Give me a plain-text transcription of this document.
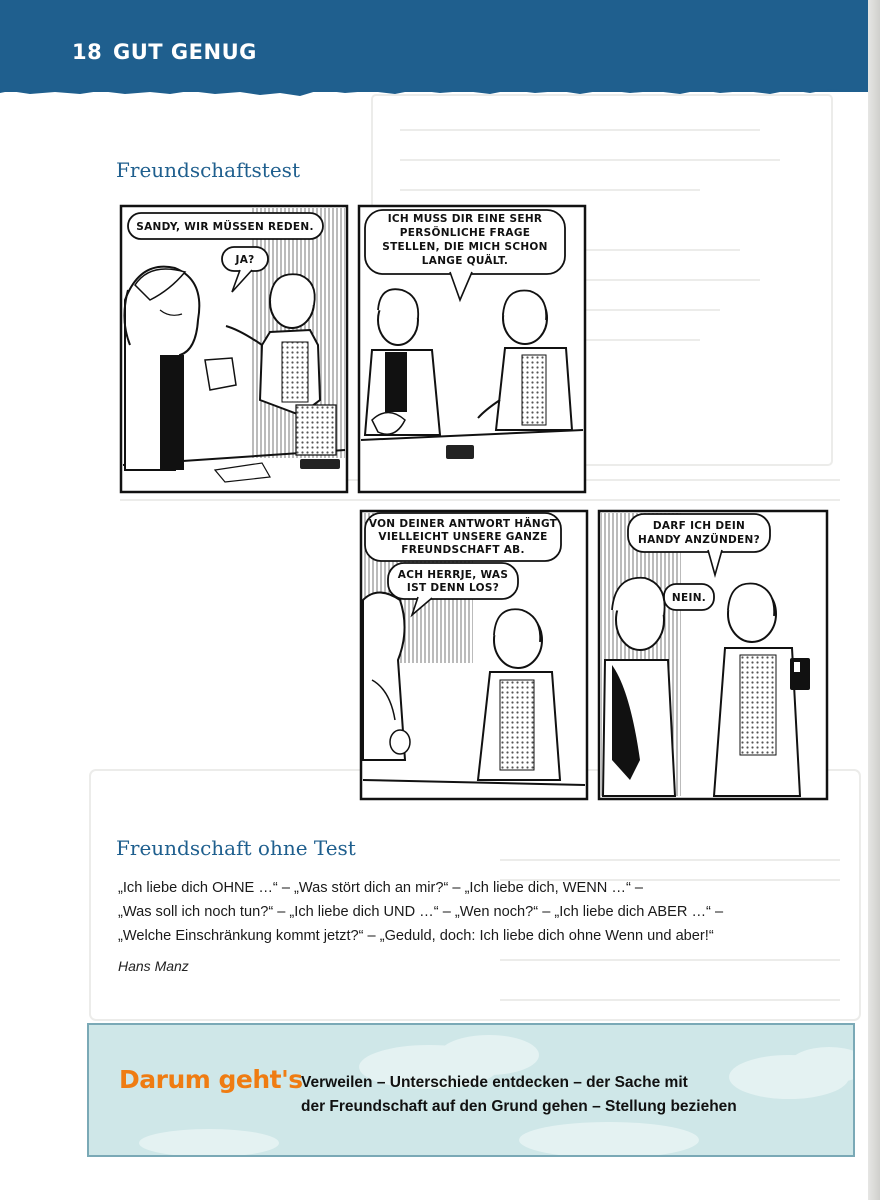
18 GUT GENUG
Freundschaftstest
SANDY, WIR MÜSSEN REDEN.
JA?
ICH MUSS DIR EINE SEHR
PERSÖNLICHE FRAGE
STELLEN, DIE MICH SCHON
LANGE QUÄLT.
VON DEINER ANTWORT HÄNGT
VIELLEICHT UNSERE GANZE
FREUNDSCHAFT AB.
ACH HERRJE, WAS
IST DENN LOS?
DARF ICH DEIN
HANDY ANZÜNDEN?
NEIN.
Freundschaft ohne Test
„Ich liebe dich OHNE …“ – „Was stört dich an mir?“ – „Ich liebe dich, WENN …“ –
„Was soll ich noch tun?“ – „Ich liebe dich UND …“ – „Wen noch?“ – „Ich liebe dich ABER …“ –
„Welche Einschränkung kommt jetzt?“ – „Geduld, doch: Ich liebe dich ohne Wenn und aber!“
Hans Manz
Darum geht's
Verweilen – Unterschiede entdecken – der Sache mit
der Freundschaft auf den Grund gehen – Stellung beziehen
